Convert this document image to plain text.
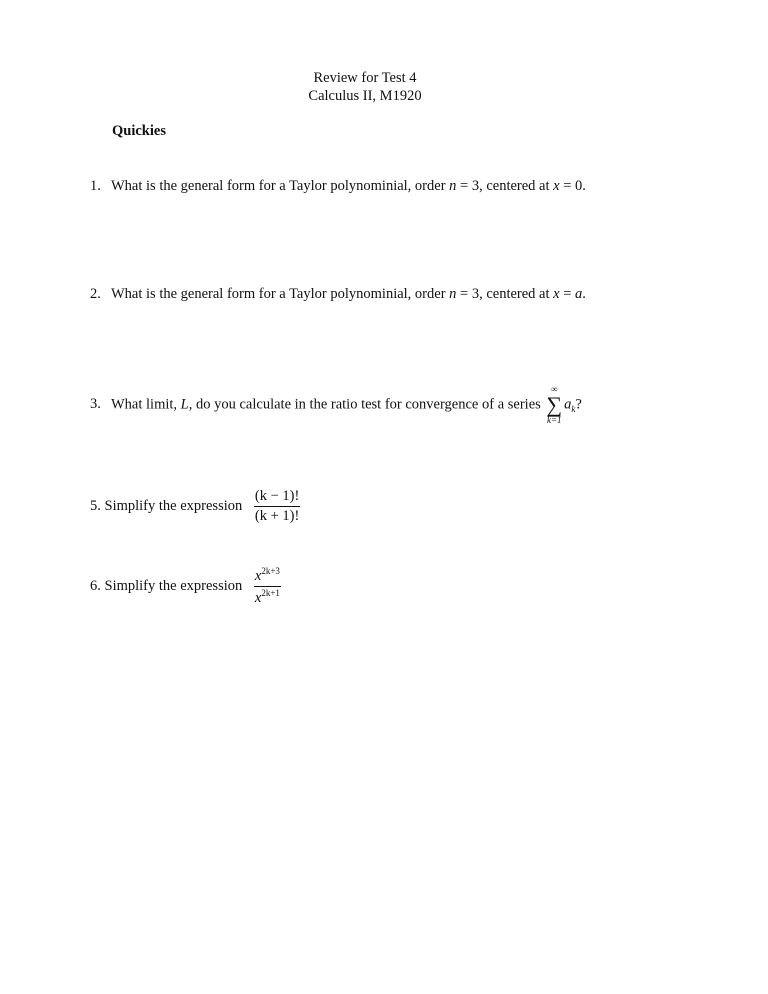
Review for Test 4
Calculus II, M1920
Quickies
1. What is the general form for a Taylor polynominial, order n = 3, centered at x = 0.
2. What is the general form for a Taylor polynominial, order n = 3, centered at x = a.
3. What limit, L, do you calculate in the ratio test for convergence of a series
∞
∑
k=1
$a_k$?
5. Simplify the expression $\frac{(k - 1)!}{(k + 1)!}$
6. Simplify the expression $\frac{x^{2k+3}}{x^{2k+1}}$
